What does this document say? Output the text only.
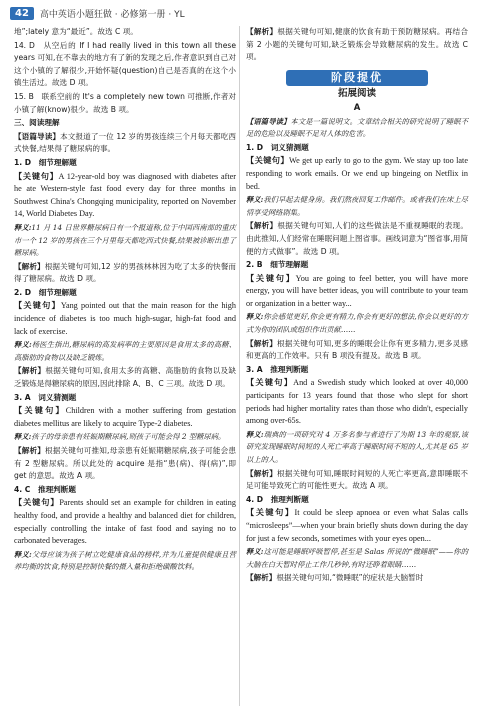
42	高中英语小题狂做 · 必修第一册 · YL

地”;lately 意为“最近”。故选 C 项。

14. D　从空后的 If I had really lived in this town all these years 可知,在不靠去的地方有了新的发现之后,作者意识到自己对这个小镇的了解很少,开始怀疑(question)自己是否真的在这个小镇生活过。故选 D 项。

15. B　联系空前的 It's a completely new town 可推断,作者对小镇了解(know)很少。故选 B 项。

三、阅读理解

【语篇导读】本文报道了一位 12 岁的男孩连续三个月每天都吃西式快餐,结果得了糖尿病的事。

1. D　细节理解题

【关键句】A 12-year-old boy was diagnosed with diabetes after he ate Western-style fast food every day for three months in Southwest China's Chongqing municipality, reported on November 14, World Diabetes Day.

释义:11 月 14 日世界糖尿病日有一个报道称,位于中国西南部的重庆市一个 12 岁的男孩在三个月里每天都吃西式快餐,结果被诊断出患了糖尿病。

【解析】根据关键句可知,12 岁的男孩林林因为吃了太多的快餐而得了糖尿病。故选 D 项。

2. D　细节理解题

【关键句】Yang pointed out that the main reason for the high incidence of diabetes is too much high-sugar, high-fat food and lack of exercise.

释义:杨医生指出,糖尿病的高发病率的主要原因是食用太多的高糖、高脂肪的食物以及缺乏锻炼。

【解析】根据关键句可知,食用太多的高糖、高脂肪的食物以及缺乏锻炼是得糖尿病的原因,因此排除 A、B、C 三项。故选 D 项。

3. A　词义猜测题

【关键句】Children with a mother suffering from gestation diabetes mellitus are likely to acquire Type-2 diabetes.

释义:孩子的母亲患有妊娠期糖尿病,则孩子可能会得 2 型糖尿病。

【解析】根据关键句可推知,母亲患有妊娠期糖尿病,孩子可能会患有 2 型糖尿病。所以此处的 acquire 是指“患(病)、得(病)”,即 get 的意思。故选 A 项。

4. C　推理判断题

【关键句】Parents should set an example for children in eating healthy food, and provide a healthy and balanced diet for children, especially controlling the intake of fast food and saying no to carbonated beverages.

释义:父母应该为孩子树立吃健康食品的榜样,并为儿童提供健康且营养均衡的饮食,特别是控制快餐的摄入量和拒绝碳酸饮料。

【解析】根据关键句可知,健康的饮食有助于预防糖尿病。再结合第 2 小题的关键句可知,缺乏锻炼会导致糖尿病的发生。故选 C 项。

阶段提优
拓展阅读
A

【语篇导读】本文是一篇说明文。文章结合相关的研究说明了睡眠不足的危险以及睡眠不足对人体的危害。

1. D　词义猜测题

【关键句】We get up early to go to the gym. We stay up too late responding to work emails. Or we end up bingeing on Netflix in bed.

释义:我们早起去健身房。我们熬夜回复工作邮件。或者我们在床上尽情享受网络剧集。

【解析】根据关键句可知,人们的这些做法是不重视睡眠的表现。由此推知,人们经常在睡眠问题上图省事。画线词意为“图省事,用简便的方式做事”。故选 D 项。

2. B　细节理解题

【关键句】You are going to feel better, you will have more energy, you will have better ideas, you will contribute to your team or organization in a better way...

释义:你会感觉更好,你会更有精力,你会有更好的想法,你会以更好的方式为你的团队或组织作出贡献……

【解析】根据关键句可知,更多的睡眠会让你有更多精力,更多灵感和更高的工作效率。只有 B 项没有提及。故选 B 项。

3. A　推理判断题

【关键句】And a Swedish study which looked at over 40,000 participants for 13 years found that those who slept for short periods had higher mortality rates than those who didn't, especially among over-65s.

释义:瑞典的一项研究对 4 万多名参与者进行了为期 13 年的观察,该研究发现睡眠时间短的人死亡率高于睡眠时间不短的人,尤其是 65 岁以上的人。

【解析】根据关键句可知,睡眠时间短的人死亡率更高,意即睡眠不足可能导致死亡的可能性更大。故选 A 项。

4. D　推理判断题

【关键句】It could be sleep apnoea or even what Salas calls “microsleeps”—when your brain briefly shuts down during the day for just a few seconds, sometimes with your eyes open...

释义:这可能是睡眠呼吸暂停,甚至是 Salas 所说的“微睡眠”——你的大脑在白天暂时停止工作几秒钟,有时还睁着眼睛……

【解析】根据关键句可知,“微睡眠”的症状是大脑暂时
